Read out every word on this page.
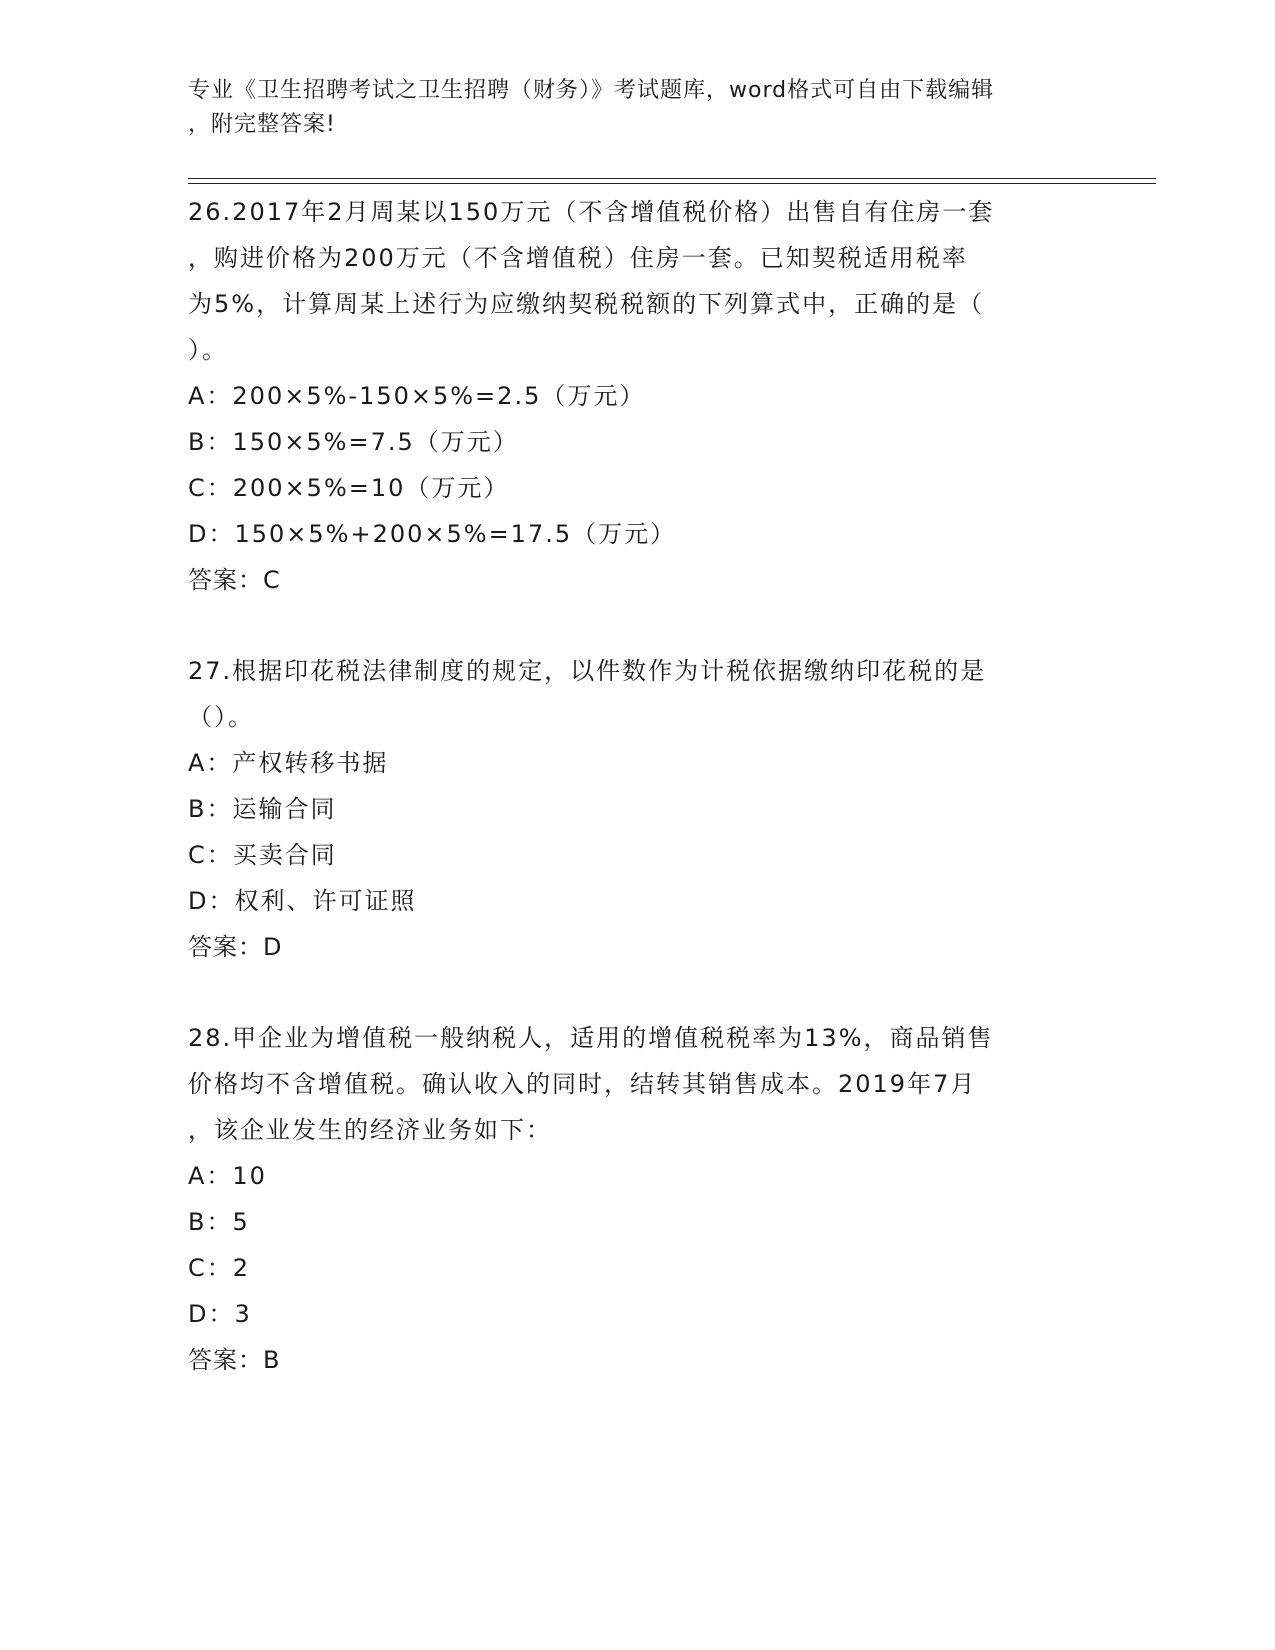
专业《卫生招聘考试之卫生招聘（财务）》考试题库，word格式可自由下载编辑
，附完整答案!
26.2017年2月周某以150万元（不含增值税价格）出售自有住房一套
，购进价格为200万元（不含增值税）住房一套。已知契税适用税率
为5%，计算周某上述行为应缴纳契税税额的下列算式中，正确的是（
）。
A：200×5%-150×5%=2.5（万元）
B：150×5%=7.5（万元）
C：200×5%=10（万元）
D：150×5%+200×5%=17.5（万元）
答案：C
27.根据印花税法律制度的规定，以件数作为计税依据缴纳印花税的是
（）。
A：产权转移书据
B：运输合同
C：买卖合同
D：权利、许可证照
答案：D
28.甲企业为增值税一般纳税人，适用的增值税税率为13%，商品销售
价格均不含增值税。确认收入的同时，结转其销售成本。2019年7月
，该企业发生的经济业务如下：
A：10
B：5
C：2
D：3
答案：B
